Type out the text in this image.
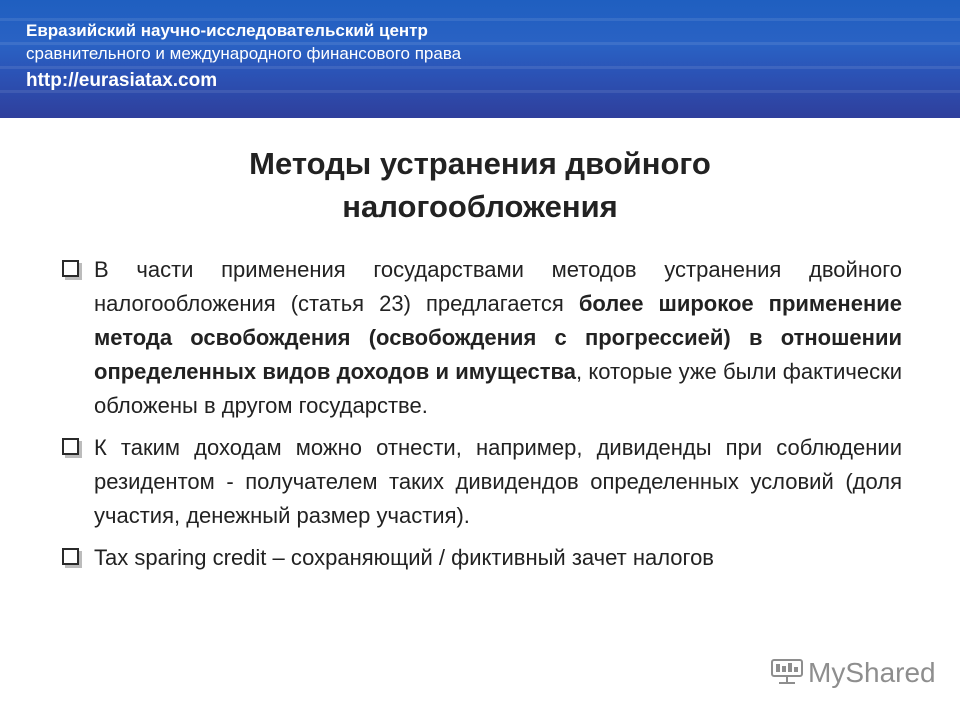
Евразийский научно-исследовательский центр
сравнительного и международного финансового права
http://eurasiatax.com
Методы устранения двойного налогообложения
В части применения государствами методов устранения двойного налогообложения (статья 23) предлагается более широкое применение метода освобождения (освобождения с прогрессией) в отношении определенных видов доходов и имущества, которые уже были фактически обложены в другом государстве.
К таким доходам можно отнести, например, дивиденды при соблюдении резидентом - получателем таких дивидендов определенных условий (доля участия, денежный размер участия).
Tax sparing credit – сохраняющий / фиктивный зачет налогов
MyShared
